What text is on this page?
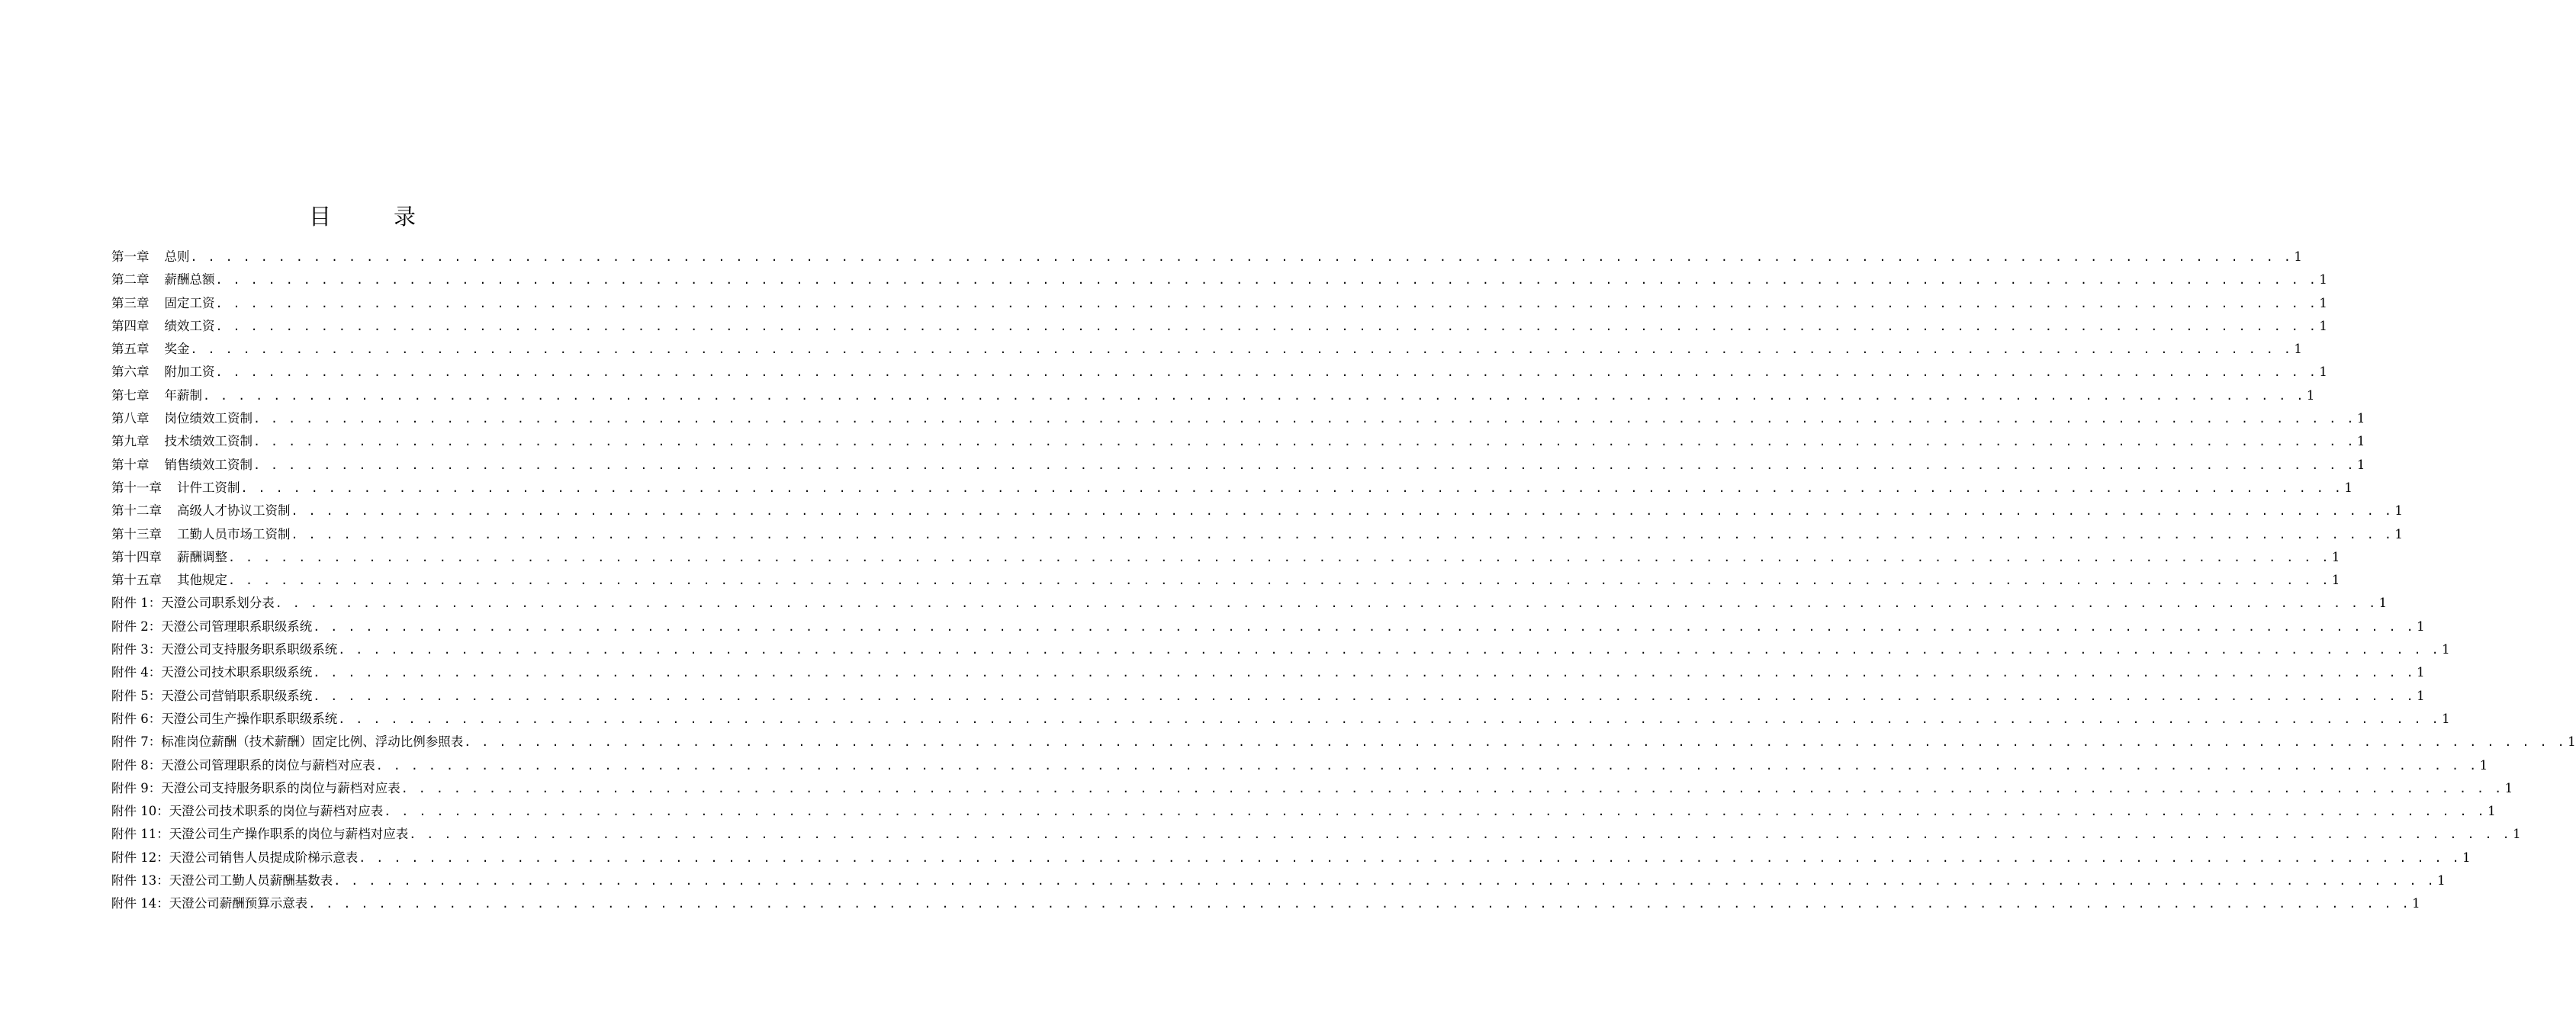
目	录
第一章 总则 . . . . . . . . . . . . . . . . . . . . . . . . . . . . . . . . . . . . . . . . . . . . . . . . . . . . . . . . . . . . . . . . . . . . . . . . . . . . . . . . . . . . . . . . . . . . . . . . . . . . . . . . . . . . . . . . . . . . . . . . 1
第二章 薪酬总额 . . . . . . . . . . . . . . . . . . . . . . . . . . . . . . . . . . . . . . . . . . . . . . . . . . . . . . . . . . . . . . . . . . . . . . . . . . . . . . . . . . . . . . . . . . . . . . . . . . . . . . . . . . . . . . . . . . . . . . . . 1
第三章 固定工资 . . . . . . . . . . . . . . . . . . . . . . . . . . . . . . . . . . . . . . . . . . . . . . . . . . . . . . . . . . . . . . . . . . . . . . . . . . . . . . . . . . . . . . . . . . . . . . . . . . . . . . . . . . . . . . . . . . . . . . . . 1
第四章 绩效工资 . . . . . . . . . . . . . . . . . . . . . . . . . . . . . . . . . . . . . . . . . . . . . . . . . . . . . . . . . . . . . . . . . . . . . . . . . . . . . . . . . . . . . . . . . . . . . . . . . . . . . . . . . . . . . . . . . . . . . . . . 1
第五章 奖金 . . . . . . . . . . . . . . . . . . . . . . . . . . . . . . . . . . . . . . . . . . . . . . . . . . . . . . . . . . . . . . . . . . . . . . . . . . . . . . . . . . . . . . . . . . . . . . . . . . . . . . . . . . . . . . . . . . . . . . . . 1
第六章 附加工资 . . . . . . . . . . . . . . . . . . . . . . . . . . . . . . . . . . . . . . . . . . . . . . . . . . . . . . . . . . . . . . . . . . . . . . . . . . . . . . . . . . . . . . . . . . . . . . . . . . . . . . . . . . . . . . . . . . . . . . . . 1
第七章 年薪制 . . . . . . . . . . . . . . . . . . . . . . . . . . . . . . . . . . . . . . . . . . . . . . . . . . . . . . . . . . . . . . . . . . . . . . . . . . . . . . . . . . . . . . . . . . . . . . . . . . . . . . . . . . . . . . . . . . . . . . . . 1
第八章 岗位绩效工资制 . . . . . . . . . . . . . . . . . . . . . . . . . . . . . . . . . . . . . . . . . . . . . . . . . . . . . . . . . . . . . . . . . . . . . . . . . . . . . . . . . . . . . . . . . . . . . . . . . . . . . . . . . . . . . . . . . . . . . . . . 1
第九章 技术绩效工资制 . . . . . . . . . . . . . . . . . . . . . . . . . . . . . . . . . . . . . . . . . . . . . . . . . . . . . . . . . . . . . . . . . . . . . . . . . . . . . . . . . . . . . . . . . . . . . . . . . . . . . . . . . . . . . . . . . . . . . . . . 1
第十章 销售绩效工资制 . . . . . . . . . . . . . . . . . . . . . . . . . . . . . . . . . . . . . . . . . . . . . . . . . . . . . . . . . . . . . . . . . . . . . . . . . . . . . . . . . . . . . . . . . . . . . . . . . . . . . . . . . . . . . . . . . . . . . . . . 1
第十一章 计件工资制 . . . . . . . . . . . . . . . . . . . . . . . . . . . . . . . . . . . . . . . . . . . . . . . . . . . . . . . . . . . . . . . . . . . . . . . . . . . . . . . . . . . . . . . . . . . . . . . . . . . . . . . . . . . . . . . . . . . . . . . . 1
第十二章 高级人才协议工资制 . . . . . . . . . . . . . . . . . . . . . . . . . . . . . . . . . . . . . . . . . . . . . . . . . . . . . . . . . . . . . . . . . . . . . . . . . . . . . . . . . . . . . . . . . . . . . . . . . . . . . . . . . . . . . . . . . . . . . . . . 1
第十三章 工勤人员市场工资制 . . . . . . . . . . . . . . . . . . . . . . . . . . . . . . . . . . . . . . . . . . . . . . . . . . . . . . . . . . . . . . . . . . . . . . . . . . . . . . . . . . . . . . . . . . . . . . . . . . . . . . . . . . . . . . . . . . . . . . . . 1
第十四章 薪酬调整 . . . . . . . . . . . . . . . . . . . . . . . . . . . . . . . . . . . . . . . . . . . . . . . . . . . . . . . . . . . . . . . . . . . . . . . . . . . . . . . . . . . . . . . . . . . . . . . . . . . . . . . . . . . . . . . . . . . . . . . . 1
第十五章 其他规定 . . . . . . . . . . . . . . . . . . . . . . . . . . . . . . . . . . . . . . . . . . . . . . . . . . . . . . . . . . . . . . . . . . . . . . . . . . . . . . . . . . . . . . . . . . . . . . . . . . . . . . . . . . . . . . . . . . . . . . . . 1
附件 1：天澄公司职系划分表 . . . . . . . . . . . . . . . . . . . . . . . . . . . . . . . . . . . . . . . . . . . . . . . . . . . . . . . . . . . . . . . . . . . . . . . . . . . . . . . . . . . . . . . . . . . . . . . . . . . . . . . . . . . . . . . . . . . . . . . . 1
附件 2：天澄公司管理职系职级系统 . . . . . . . . . . . . . . . . . . . . . . . . . . . . . . . . . . . . . . . . . . . . . . . . . . . . . . . . . . . . . . . . . . . . . . . . . . . . . . . . . . . . . . . . . . . . . . . . . . . . . . . . . . . . . . . . . . . . . . . . 1
附件 3：天澄公司支持服务职系职级系统 . . . . . . . . . . . . . . . . . . . . . . . . . . . . . . . . . . . . . . . . . . . . . . . . . . . . . . . . . . . . . . . . . . . . . . . . . . . . . . . . . . . . . . . . . . . . . . . . . . . . . . . . . . . . . . . . . . . . . . . . 1
附件 4：天澄公司技术职系职级系统 . . . . . . . . . . . . . . . . . . . . . . . . . . . . . . . . . . . . . . . . . . . . . . . . . . . . . . . . . . . . . . . . . . . . . . . . . . . . . . . . . . . . . . . . . . . . . . . . . . . . . . . . . . . . . . . . . . . . . . . . 1
附件 5：天澄公司营销职系职级系统 . . . . . . . . . . . . . . . . . . . . . . . . . . . . . . . . . . . . . . . . . . . . . . . . . . . . . . . . . . . . . . . . . . . . . . . . . . . . . . . . . . . . . . . . . . . . . . . . . . . . . . . . . . . . . . . . . . . . . . . . 1
附件 6：天澄公司生产操作职系职级系统 . . . . . . . . . . . . . . . . . . . . . . . . . . . . . . . . . . . . . . . . . . . . . . . . . . . . . . . . . . . . . . . . . . . . . . . . . . . . . . . . . . . . . . . . . . . . . . . . . . . . . . . . . . . . . . . . . . . . . . . . 1
附件 7：标准岗位薪酬（技术薪酬）固定比例、浮动比例参照表 . . . . . . . . . . . . . . . . . . . . . . . . . . . . . . . . . . . . . . . . . . . . . . . . . . . . . . . . . . . . . . . . . . . . . . . . . . . . . . . . . . . . . . . . . . . . . . . . . . . . . . . . . . . . . . . . . . . . . . . . 1
附件 8：天澄公司管理职系的岗位与薪档对应表 . . . . . . . . . . . . . . . . . . . . . . . . . . . . . . . . . . . . . . . . . . . . . . . . . . . . . . . . . . . . . . . . . . . . . . . . . . . . . . . . . . . . . . . . . . . . . . . . . . . . . . . . . . . . . . . . . . . . . . . . 1
附件 9：天澄公司支持服务职系的岗位与薪档对应表 . . . . . . . . . . . . . . . . . . . . . . . . . . . . . . . . . . . . . . . . . . . . . . . . . . . . . . . . . . . . . . . . . . . . . . . . . . . . . . . . . . . . . . . . . . . . . . . . . . . . . . . . . . . . . . . . . . . . . . . . 1
附件 10：天澄公司技术职系的岗位与薪档对应表 . . . . . . . . . . . . . . . . . . . . . . . . . . . . . . . . . . . . . . . . . . . . . . . . . . . . . . . . . . . . . . . . . . . . . . . . . . . . . . . . . . . . . . . . . . . . . . . . . . . . . . . . . . . . . . . . . . . . . . . . 1
附件 11：天澄公司生产操作职系的岗位与薪档对应表 . . . . . . . . . . . . . . . . . . . . . . . . . . . . . . . . . . . . . . . . . . . . . . . . . . . . . . . . . . . . . . . . . . . . . . . . . . . . . . . . . . . . . . . . . . . . . . . . . . . . . . . . . . . . . . . . . . . . . . . . 1
附件 12：天澄公司销售人员提成阶梯示意表 . . . . . . . . . . . . . . . . . . . . . . . . . . . . . . . . . . . . . . . . . . . . . . . . . . . . . . . . . . . . . . . . . . . . . . . . . . . . . . . . . . . . . . . . . . . . . . . . . . . . . . . . . . . . . . . . . . . . . . . . 1
附件 13：天澄公司工勤人员薪酬基数表 . . . . . . . . . . . . . . . . . . . . . . . . . . . . . . . . . . . . . . . . . . . . . . . . . . . . . . . . . . . . . . . . . . . . . . . . . . . . . . . . . . . . . . . . . . . . . . . . . . . . . . . . . . . . . . . . . . . . . . . . 1
附件 14：天澄公司薪酬预算示意表 . . . . . . . . . . . . . . . . . . . . . . . . . . . . . . . . . . . . . . . . . . . . . . . . . . . . . . . . . . . . . . . . . . . . . . . . . . . . . . . . . . . . . . . . . . . . . . . . . . . . . . . . . . . . . . . . . . . . . . . . 1
